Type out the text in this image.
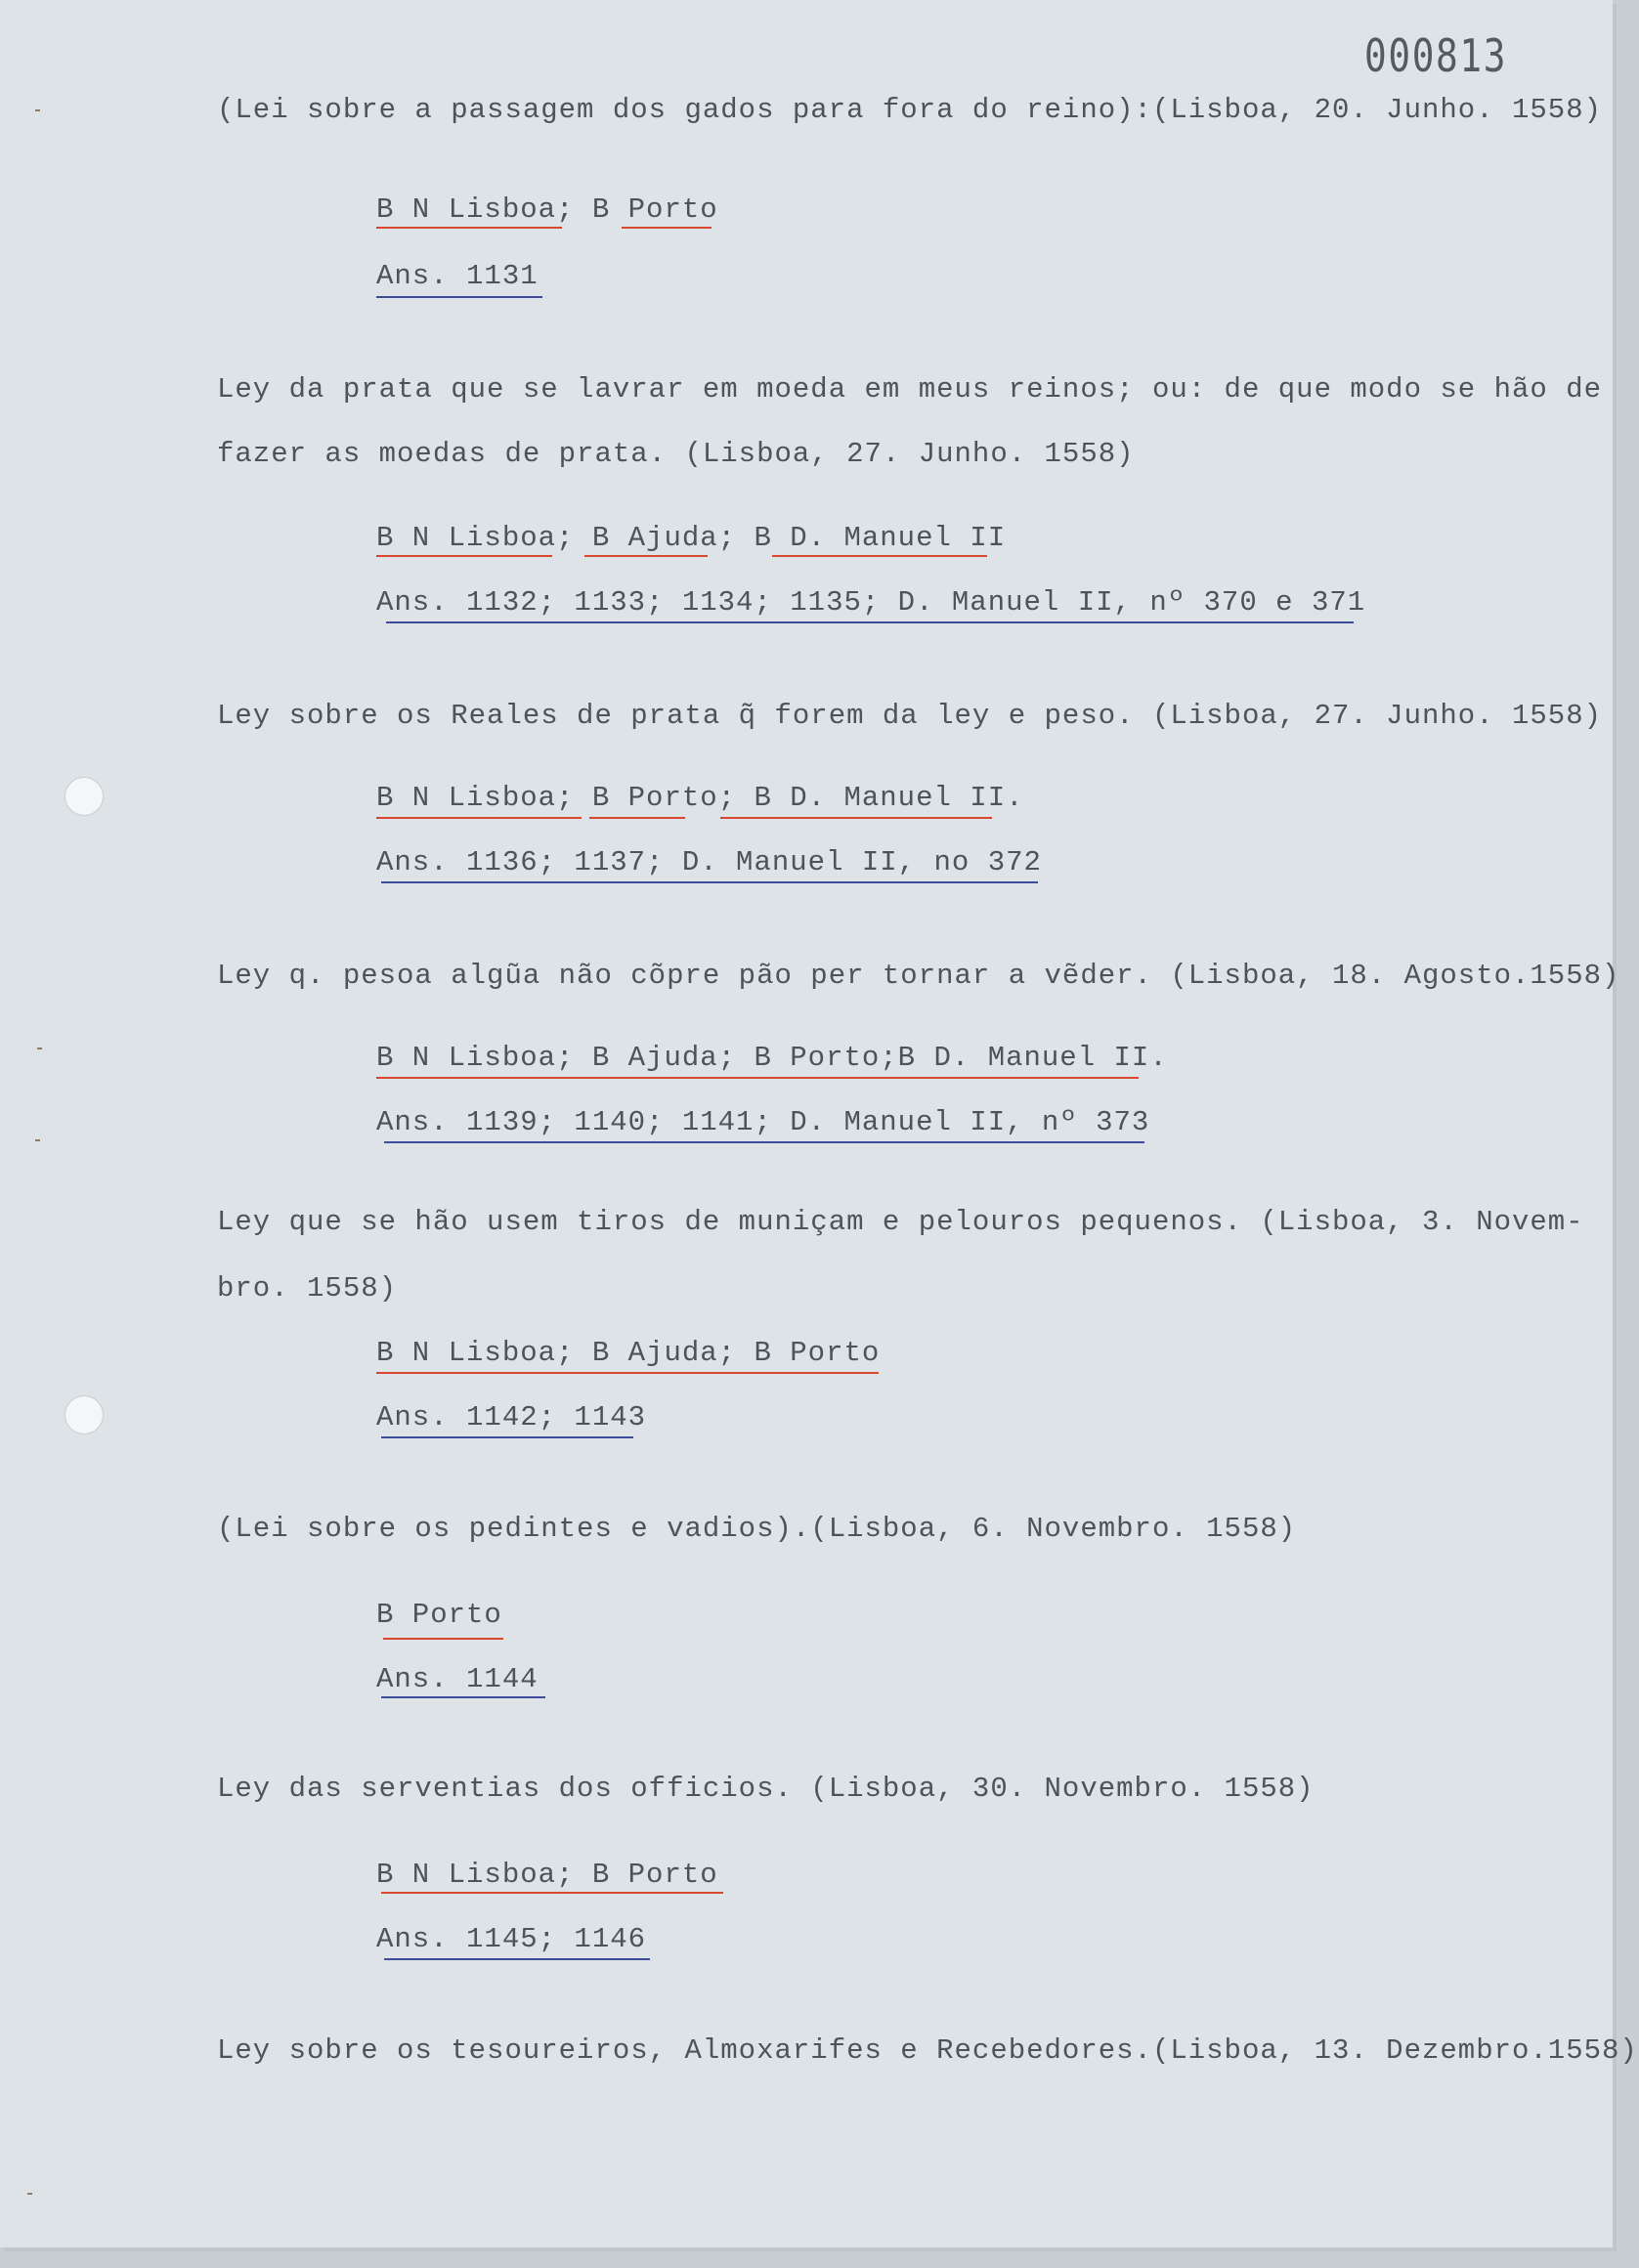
000813
(Lei sobre a passagem dos gados para fora do reino):(Lisboa, 20. Junho. 1558)
B N Lisboa; B Porto
Ans. 1131
Ley da prata que se lavrar em moeda em meus reinos; ou: de que modo se hão de
fazer as moedas de prata. (Lisboa, 27. Junho. 1558)
B N Lisboa; B Ajuda; B D. Manuel II
Ans. 1132; 1133; 1134; 1135; D. Manuel II, nº 370 e 371
Ley sobre os Reales de prata q̃ forem da ley e peso. (Lisboa, 27. Junho. 1558)
B N Lisboa; B Porto; B D. Manuel II.
Ans. 1136; 1137; D. Manuel II, no 372
Ley q. pesoa algũa não cõpre pão per tornar a vẽder. (Lisboa, 18. Agosto.1558)
B N Lisboa; B Ajuda; B Porto;B D. Manuel II.
Ans. 1139; 1140; 1141; D. Manuel II, nº 373
Ley que se hão usem tiros de muniçam e pelouros pequenos. (Lisboa, 3. Novem-
bro. 1558)
B N Lisboa; B Ajuda; B Porto
Ans. 1142; 1143
(Lei sobre os pedintes e vadios).(Lisboa, 6. Novembro. 1558)
B Porto
Ans. 1144
Ley das serventias dos officios. (Lisboa, 30. Novembro. 1558)
B N Lisboa; B Porto
Ans. 1145; 1146
Ley sobre os tesoureiros, Almoxarifes e Recebedores.(Lisboa, 13. Dezembro.1558)
